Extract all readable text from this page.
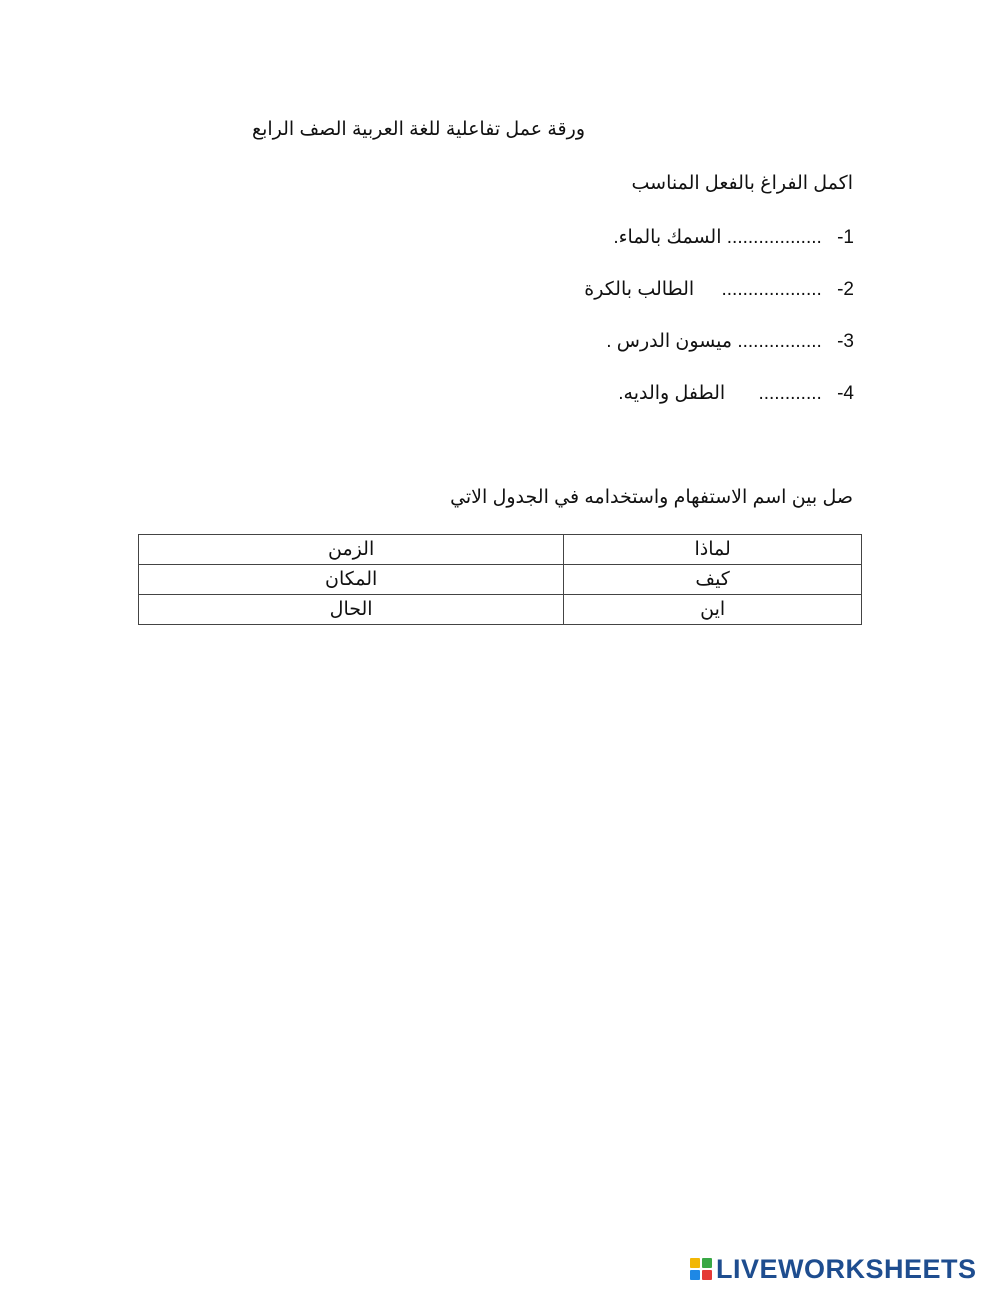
ورقة عمل تفاعلية للغة العربية الصف الرابع
اكمل الفراغ بالفعل المناسب
1- .................. السمك بالماء.
2- ................... الطالب بالكرة
3- ................ ميسون الدرس .
4- ............ الطفل والديه.
صل بين اسم الاستفهام واستخدامه في الجدول الاتي
الزمن	لماذا
المكان	كيف
الحال	اين
LIVEWORKSHEETS
